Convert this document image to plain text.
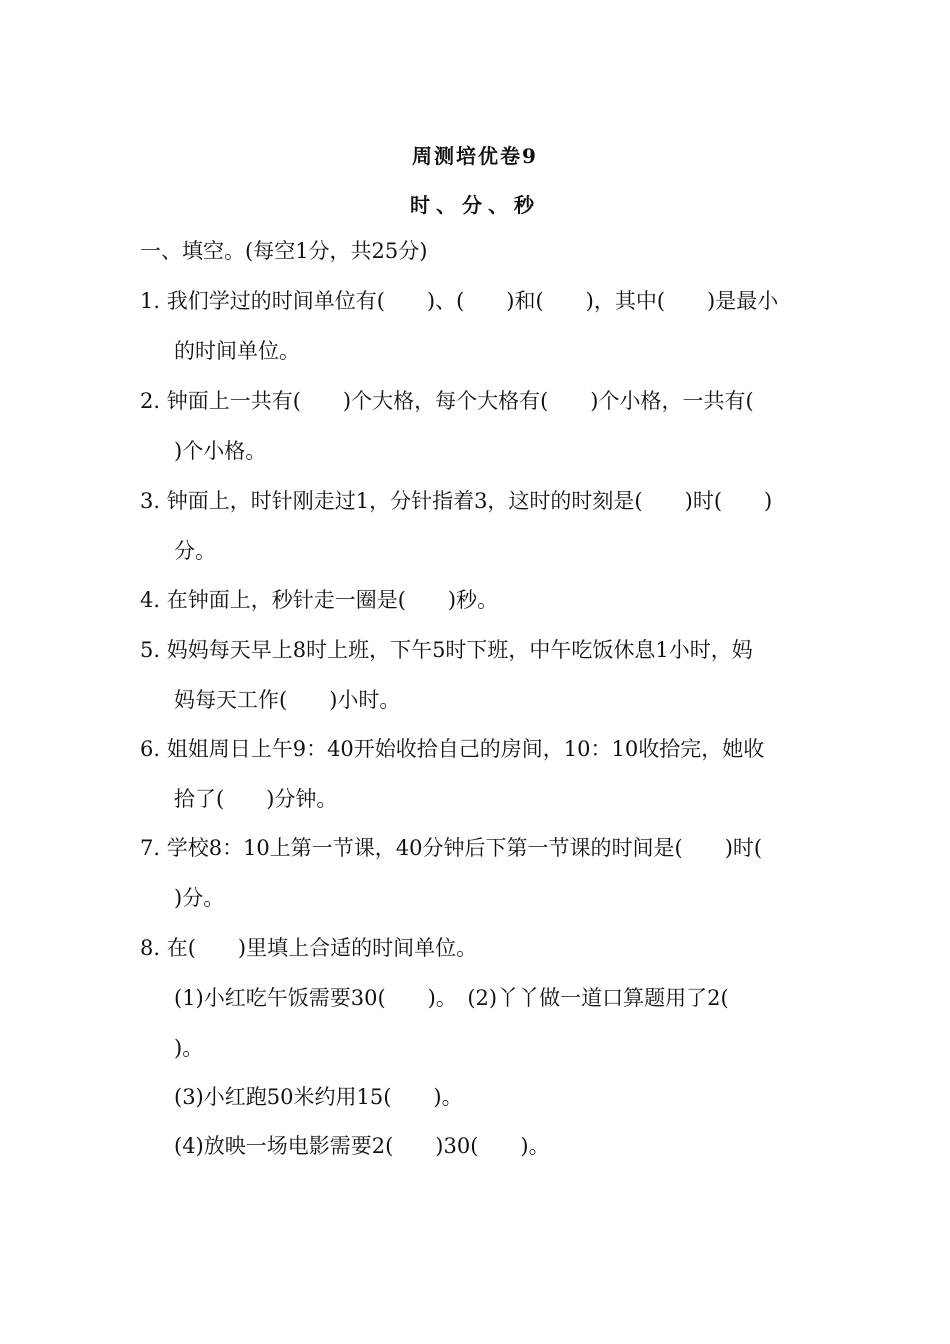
周测培优卷9
时、分、秒
一、填空。(每空1分，共25分)
1. 我们学过的时间单位有(　　)、(　　)和(　　)，其中(　　)是最小
的时间单位。
2. 钟面上一共有(　　)个大格，每个大格有(　　)个小格，一共有(
)个小格。
3. 钟面上，时针刚走过1，分针指着3，这时的时刻是(　　)时(　　)
分。
4. 在钟面上，秒针走一圈是(　　)秒。
5. 妈妈每天早上8时上班，下午5时下班，中午吃饭休息1小时，妈
妈每天工作(　　)小时。
6. 姐姐周日上午9：40开始收拾自己的房间，10：10收拾完，她收
拾了(　　)分钟。
7. 学校8：10上第一节课，40分钟后下第一节课的时间是(　　)时(
)分。
8. 在(　　)里填上合适的时间单位。
(1)小红吃午饭需要30(　　)。　(2)丫丫做一道口算题用了2(
)。
(3)小红跑50米约用15(　　)。
(4)放映一场电影需要2(　　)30(　　)。
